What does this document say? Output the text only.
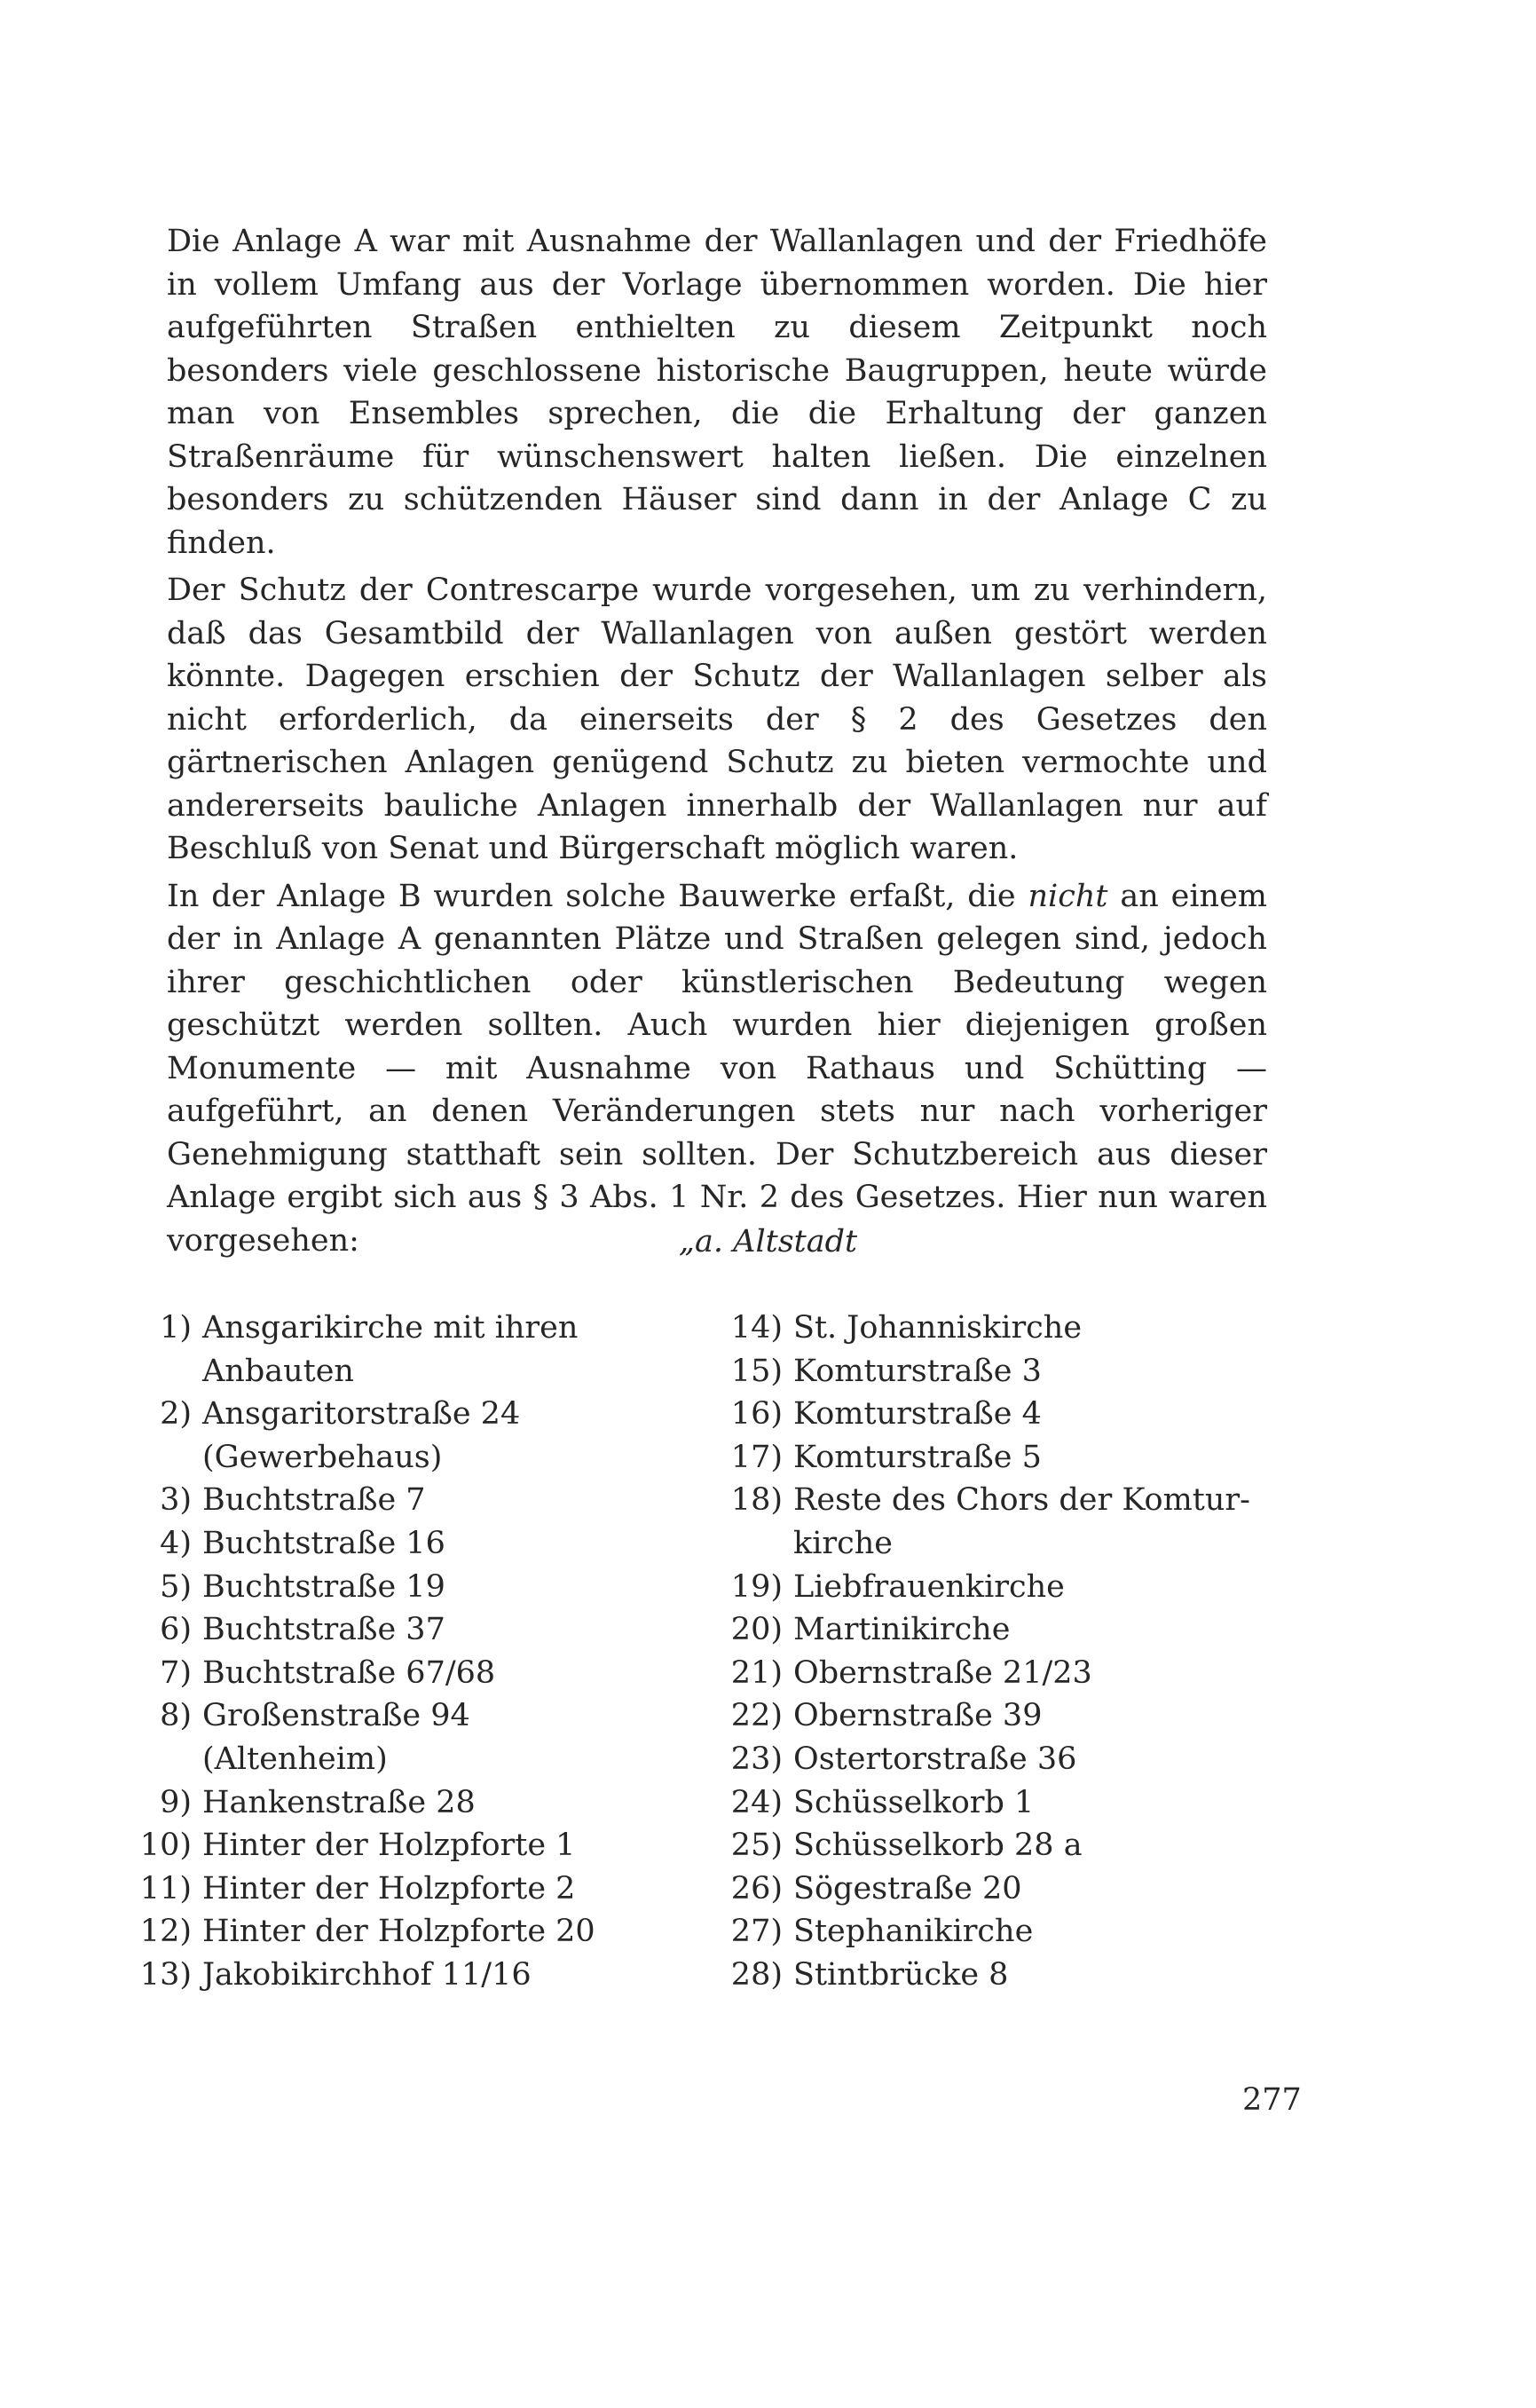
Die Anlage A war mit Ausnahme der Wallanlagen und der Friedhöfe in vollem Umfang aus der Vorlage übernommen worden. Die hier aufgeführten Straßen enthielten zu diesem Zeitpunkt noch besonders viele geschlossene historische Baugruppen, heute würde man von Ensembles sprechen, die die Erhaltung der ganzen Straßenräume für wünschenswert halten ließen. Die einzelnen besonders zu schützenden Häuser sind dann in der Anlage C zu finden.

Der Schutz der Contrescarpe wurde vorgesehen, um zu verhindern, daß das Gesamtbild der Wallanlagen von außen gestört werden könnte. Dagegen erschien der Schutz der Wallanlagen selber als nicht erforderlich, da einerseits der § 2 des Gesetzes den gärtnerischen Anlagen genügend Schutz zu bieten vermochte und andererseits bauliche Anlagen innerhalb der Wallanlagen nur auf Beschluß von Senat und Bürgerschaft möglich waren.

In der Anlage B wurden solche Bauwerke erfaßt, die nicht an einem der in Anlage A genannten Plätze und Straßen gelegen sind, jedoch ihrer geschichtlichen oder künstlerischen Bedeutung wegen geschützt werden sollten. Auch wurden hier diejenigen großen Monumente — mit Ausnahme von Rathaus und Schütting — aufgeführt, an denen Veränderungen stets nur nach vorheriger Genehmigung statthaft sein sollten. Der Schutzbereich aus dieser Anlage ergibt sich aus § 3 Abs. 1 Nr. 2 des Gesetzes. Hier nun waren vorgesehen:	„a. Altstadt
1) Ansgarikirche mit ihren
Anbauten
2) Ansgaritorstraße 24
(Gewerbehaus)
3) Buchtstraße 7
4) Buchtstraße 16
5) Buchtstraße 19
6) Buchtstraße 37
7) Buchtstraße 67/68
8) Großenstraße 94
(Altenheim)
9) Hankenstraße 28
10) Hinter der Holzpforte 1
11) Hinter der Holzpforte 2
12) Hinter der Holzpforte 20
13) Jakobikirchhof 11/16
14) St. Johanniskirche
15) Komturstraße 3
16) Komturstraße 4
17) Komturstraße 5
18) Reste des Chors der Komtur-
kirche
19) Liebfrauenkirche
20) Martinikirche
21) Obernstraße 21/23
22) Obernstraße 39
23) Ostertorstraße 36
24) Schüsselkorb 1
25) Schüsselkorb 28 a
26) Sögestraße 20
27) Stephanikirche
28) Stintbrücke 8
277
